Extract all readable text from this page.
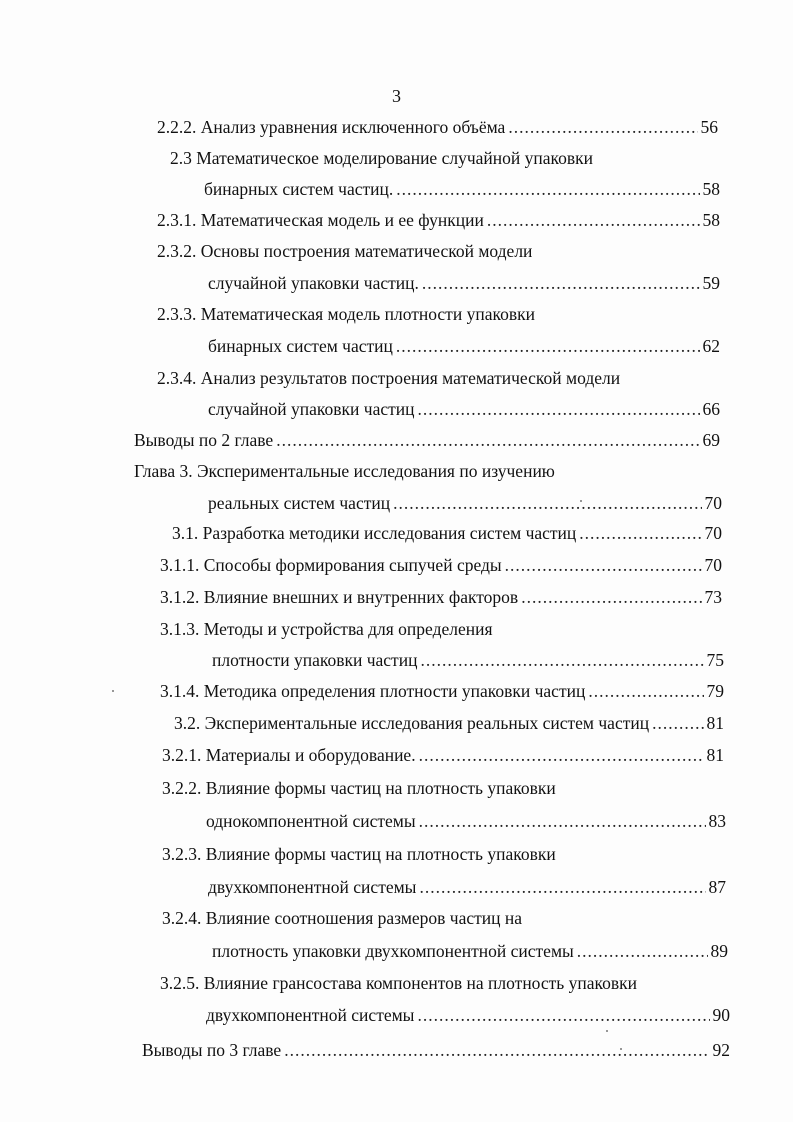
3
2.2.2. Анализ уравнения исключенного объёма .....	56
2.3 Математическое моделирование случайной упаковки
бинарных систем частиц. .....	58
2.3.1. Математическая модель и ее функции .....	58
2.3.2. Основы построения математической модели
случайной упаковки частиц. .....	59
2.3.3. Математическая модель плотности упаковки
бинарных систем частиц .....	62
2.3.4. Анализ результатов построения математической модели
случайной упаковки частиц .....	66
Выводы по 2 главе .....	69
Глава 3. Экспериментальные исследования по изучению
реальных систем частиц .....	70
3.1. Разработка методики исследования систем частиц .....	70
3.1.1. Способы формирования сыпучей среды .....	70
3.1.2. Влияние внешних и внутренних факторов .....	73
3.1.3. Методы и устройства для определения
плотности упаковки частиц .....	75
3.1.4. Методика определения плотности упаковки частиц .....	79
3.2. Экспериментальные исследования реальных систем частиц .....	81
3.2.1. Материалы и оборудование. .....	81
3.2.2. Влияние формы частиц на плотность упаковки
однокомпонентной системы .....	83
3.2.3. Влияние формы частиц на плотность упаковки
двухкомпонентной системы .....	87
3.2.4. Влияние соотношения размеров частиц на
плотность упаковки двухкомпонентной системы .....	89
3.2.5. Влияние грансостава компонентов на плотность упаковки
двухкомпонентной системы .....	90
Выводы по 3 главе .....	92
